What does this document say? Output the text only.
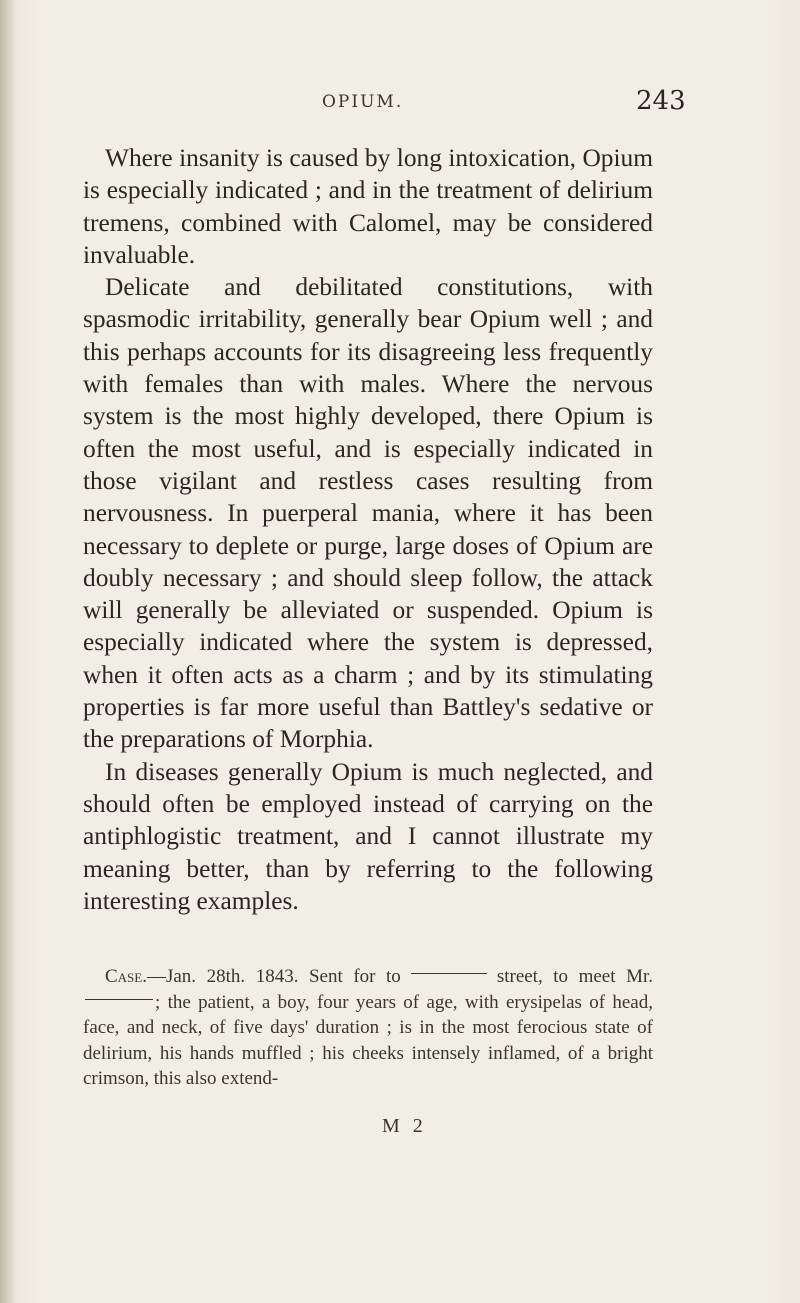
OPIUM.	243

Where insanity is caused by long intoxication, Opium is especially indicated ; and in the treatment of delirium tremens, combined with Calomel, may be considered invaluable.

Delicate and debilitated constitutions, with spasmodic irritability, generally bear Opium well ; and this perhaps accounts for its disagreeing less frequently with females than with males. Where the nervous system is the most highly developed, there Opium is often the most useful, and is especially indicated in those vigilant and restless cases resulting from nervousness. In puerperal mania, where it has been necessary to deplete or purge, large doses of Opium are doubly necessary ; and should sleep follow, the attack will generally be alleviated or suspended. Opium is especially indicated where the system is depressed, when it often acts as a charm ; and by its stimulating properties is far more useful than Battley's sedative or the preparations of Morphia.

In diseases generally Opium is much neglected, and should often be employed instead of carrying on the antiphlogistic treatment, and I cannot illustrate my meaning better, than by referring to the following interesting examples.

Case.—Jan. 28th. 1843. Sent for to	street, to meet Mr.; the patient, a boy, four years of age, with erysipelas of head, face, and neck, of five days' duration ; is in the most ferocious state of delirium, his hands muffled ; his cheeks intensely inflamed, of a bright crimson, this also extend-

M 2
